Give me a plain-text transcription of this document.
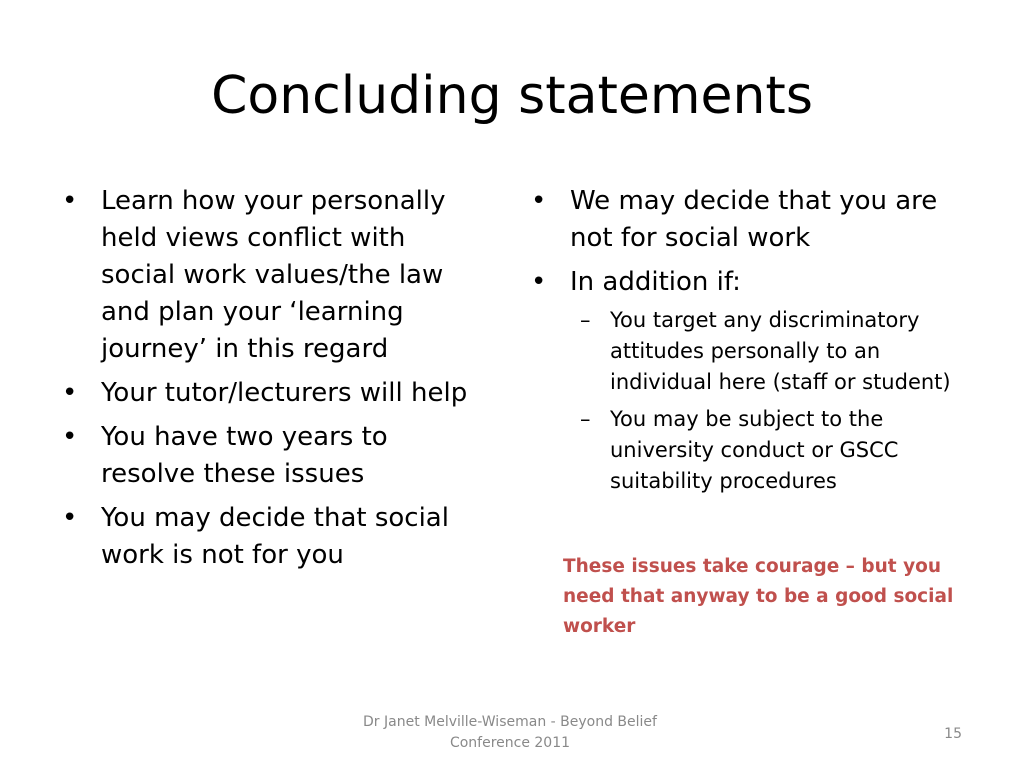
Concluding statements
• Learn how your personally held views conflict with social work values/the law and plan your ‘learning journey’ in this regard
• Your tutor/lecturers will help
• You have two years to resolve these issues
• You may decide that social work is not for you
• We may decide that you are not for social work
• In addition if:
– You target any discriminatory attitudes personally to an individual here (staff or student)
– You may be subject to the university conduct or GSCC suitability procedures

These issues take courage – but you need that anyway to be a good social worker

Dr Janet Melville-Wiseman - Beyond Belief
Conference 2011
15
